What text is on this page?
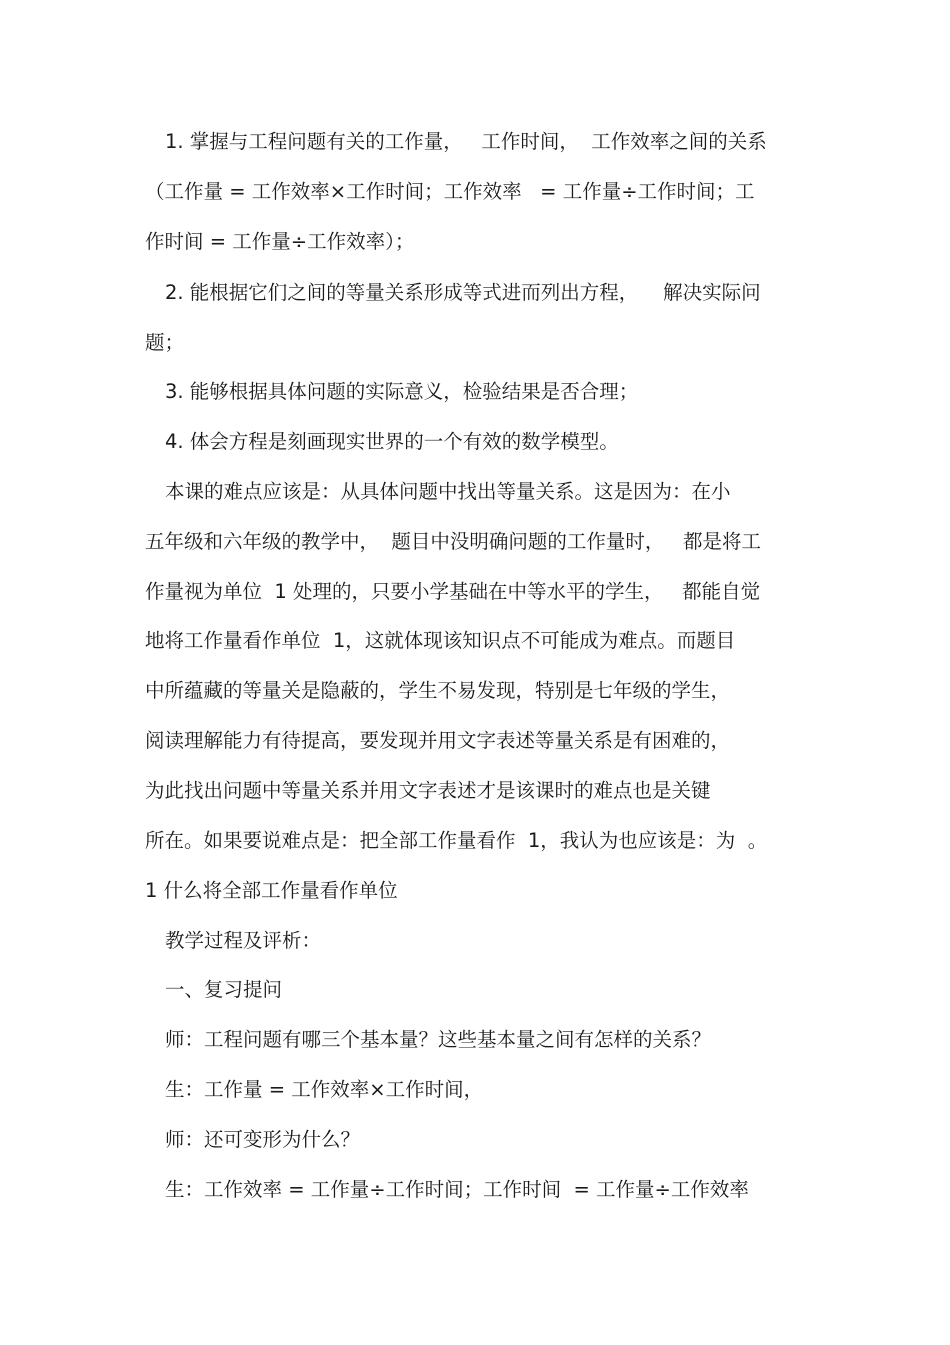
1. 掌握与工程问题有关的工作量，   工作时间，  工作效率之间的关系
（工作量 = 工作效率×工作时间；工作效率   = 工作量÷工作时间；工
作时间 = 工作量÷工作效率）；
2. 能根据它们之间的等量关系形成等式进而列出方程，    解决实际问
题；
3. 能够根据具体问题的实际意义，检验结果是否合理；
4. 体会方程是刻画现实世界的一个有效的数学模型。
本课的难点应该是：从具体问题中找出等量关系。这是因为：在小
五年级和六年级的教学中，  题目中没明确问题的工作量时，   都是将工
作量视为单位  1 处理的，只要小学基础在中等水平的学生，   都能自觉
地将工作量看作单位  1，这就体现该知识点不可能成为难点。而题目
中所蕴藏的等量关是隐蔽的，学生不易发现，特别是七年级的学生，
阅读理解能力有待提高，要发现并用文字表述等量关系是有困难的，
为此找出问题中等量关系并用文字表述才是该课时的难点也是关键
所在。如果要说难点是：把全部工作量看作  1，我认为也应该是：为  。
1 什么将全部工作量看作单位
教学过程及评析：
一、复习提问
师：工程问题有哪三个基本量？这些基本量之间有怎样的关系？
生：工作量 = 工作效率×工作时间，
师：还可变形为什么？
生：工作效率 = 工作量÷工作时间；工作时间  = 工作量÷工作效率
